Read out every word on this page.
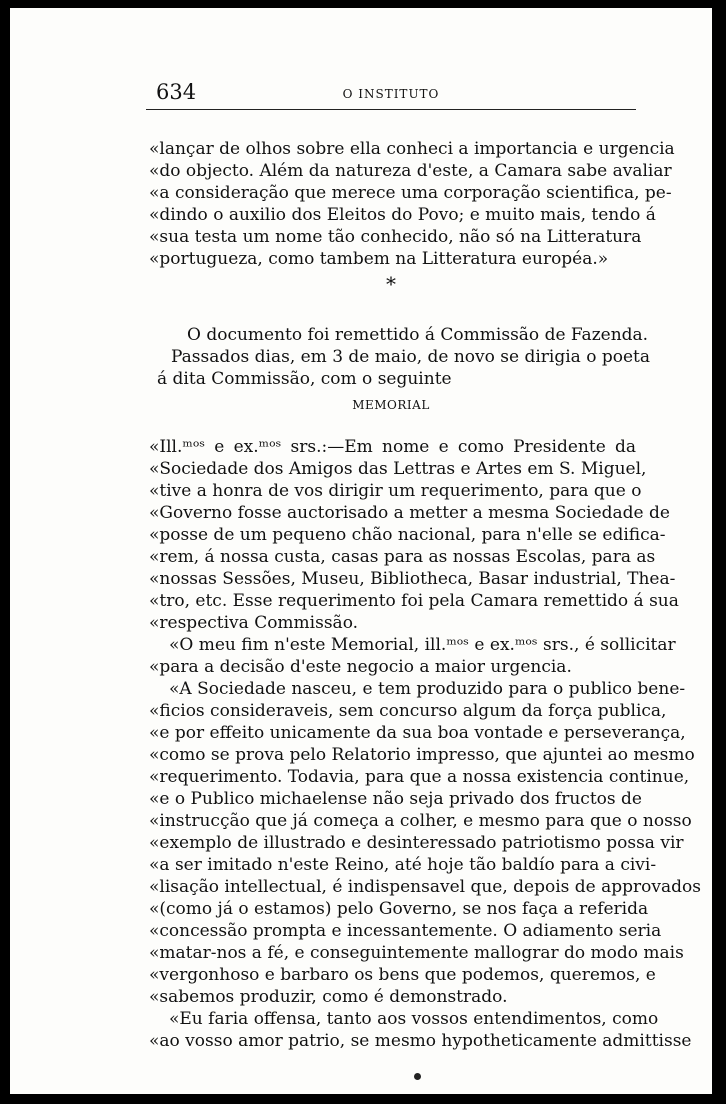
634	O INSTITUTO
«lançar de olhos sobre ella conheci a importancia e urgencia
«do objecto. Além da natureza d'este, a Camara sabe avaliar
«a consideração que merece uma corporação scientifica, pe-
«dindo o auxilio dos Eleitos do Povo; e muito mais, tendo á
«sua testa um nome tão conhecido, não só na Litteratura
«portugueza, como tambem na Litteratura européa.»
*
O documento foi remettido á Commissão de Fazenda.
Passados dias, em 3 de maio, de novo se dirigia o poeta
á dita Commissão, com o seguinte
MEMORIAL
«Ill.ᵐᵒˢ e ex.ᵐᵒˢ srs.:—Em nome e como Presidente da
«Sociedade dos Amigos das Lettras e Artes em S. Miguel,
«tive a honra de vos dirigir um requerimento, para que o
«Governo fosse auctorisado a metter a mesma Sociedade de
«posse de um pequeno chão nacional, para n'elle se edifica-
«rem, á nossa custa, casas para as nossas Escolas, para as
«nossas Sessões, Museu, Bibliotheca, Basar industrial, Thea-
«tro, etc. Esse requerimento foi pela Camara remettido á sua
«respectiva Commissão.
«O meu fim n'este Memorial, ill.ᵐᵒˢ e ex.ᵐᵒˢ srs., é sollicitar
«para a decisão d'este negocio a maior urgencia.
«A Sociedade nasceu, e tem produzido para o publico bene-
«ficios consideraveis, sem concurso algum da força publica,
«e por effeito unicamente da sua boa vontade e perseverança,
«como se prova pelo Relatorio impresso, que ajuntei ao mesmo
«requerimento. Todavia, para que a nossa existencia continue,
«e o Publico michaelense não seja privado dos fructos de
«instrucção que já começa a colher, e mesmo para que o nosso
«exemplo de illustrado e desinteressado patriotismo possa vir
«a ser imitado n'este Reino, até hoje tão baldío para a civi-
«lisação intellectual, é indispensavel que, depois de approvados
«(como já o estamos) pelo Governo, se nos faça a referida
«concessão prompta e incessantemente. O adiamento seria
«matar-nos a fé, e conseguintemente mallograr do modo mais
«vergonhoso e barbaro os bens que podemos, queremos, e
«sabemos produzir, como é demonstrado.
«Eu faria offensa, tanto aos vossos entendimentos, como
«ao vosso amor patrio, se mesmo hypotheticamente admittisse
